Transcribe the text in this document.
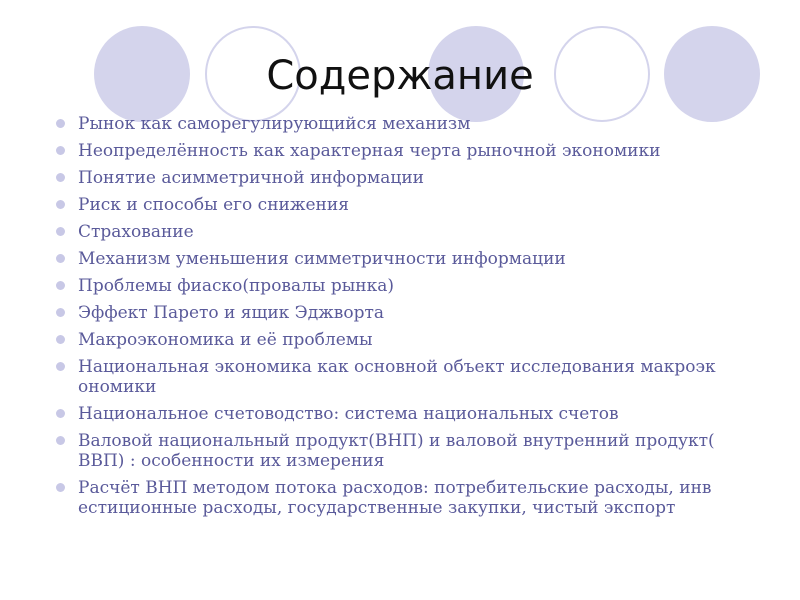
Содержание
Рынок как саморегулирующийся механизм
Неопределённость как характерная черта рыночной экономики
Понятие асимметричной информации
Риск и способы его снижения
Страхование
Механизм уменьшения симметричности информации
Проблемы фиаско(провалы рынка)
Эффект Парето и ящик Эджворта
Макроэкономика и её проблемы
Национальная экономика как основной объект исследования макроэк ономики
Национальное счетоводство: система национальных счетов
Валовой национальный продукт(ВНП) и валовой внутренний продукт( ВВП) : особенности их измерения
Расчёт ВНП методом потока расходов: потребительские расходы, инв естиционные расходы, государственные закупки, чистый экспорт
